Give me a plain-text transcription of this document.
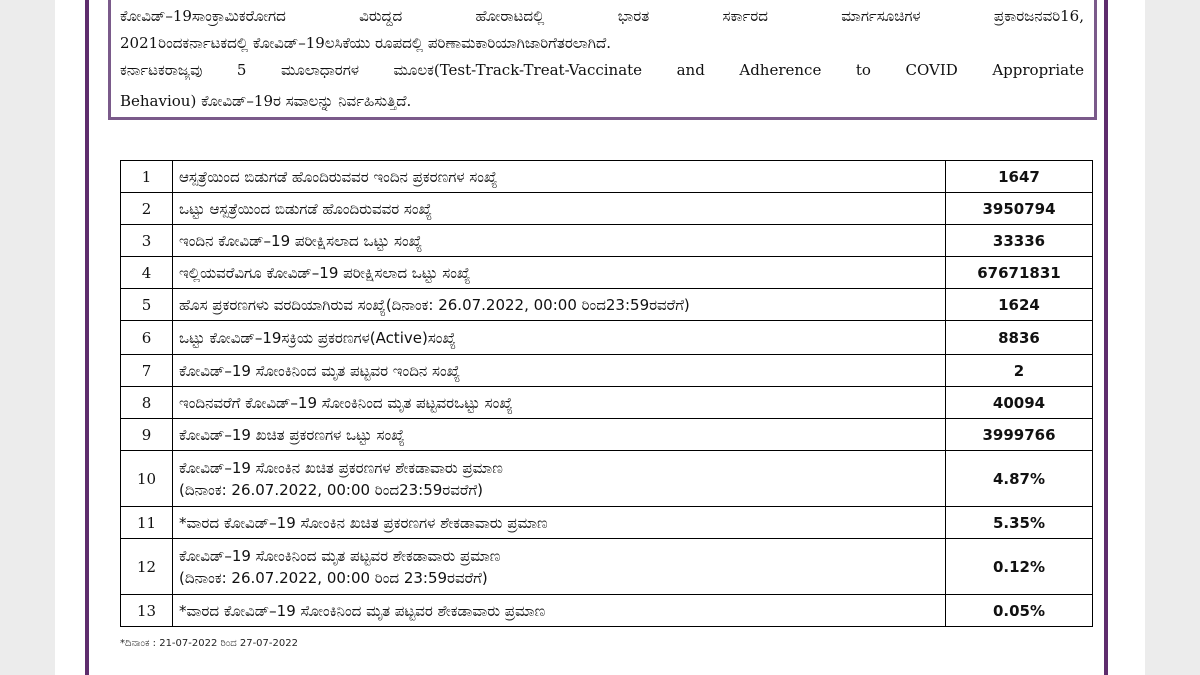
ಕೋವಿಡ್‌–19ಸಾಂಕ್ರಾಮಿಕರೋಗದ ವಿರುದ್ಧದ ಹೋರಾಟದಲ್ಲಿ ಭಾರತ ಸರ್ಕಾರದ ಮಾರ್ಗಸೂಚಿಗಳ ಪ್ರಕಾರಜನವರಿ16,
2021ರಿಂದಕರ್ನಾಟಕದಲ್ಲಿ ಕೋವಿಡ್‌–19ಲಸಿಕೆಯು ರೂಪದಲ್ಲಿ ಪರಿಣಾಮಕಾರಿಯಾಗಿಜಾರಿಗೆತರಲಾಗಿದೆ.
ಕರ್ನಾಟಕರಾಜ್ಯವು 5 ಮೂಲಾಧಾರಗಳ ಮೂಲಕ(Test-Track-Treat-Vaccinate and Adherence to COVID Appropriate
Behaviou) ಕೋವಿಡ್‌–19ರ ಸವಾಲನ್ನು ನಿರ್ವಹಿಸುತ್ತಿದೆ.
1	ಆಸ್ಪತ್ರೆಯಿಂದ ಬಿಡುಗಡೆ ಹೊಂದಿರುವವರ ಇಂದಿನ ಪ್ರಕರಣಗಳ ಸಂಖ್ಯೆ	1647
2	ಒಟ್ಟು ಆಸ್ಪತ್ರೆಯಿಂದ ಬಿಡುಗಡೆ ಹೊಂದಿರುವವರ ಸಂಖ್ಯೆ	3950794
3	ಇಂದಿನ ಕೋವಿಡ್‌–19 ಪರೀಕ್ಷಿಸಲಾದ ಒಟ್ಟು ಸಂಖ್ಯೆ	33336
4	ಇಲ್ಲಿಯವರೆವಿಗೂ ಕೋವಿಡ್‌–19 ಪರೀಕ್ಷಿಸಲಾದ ಒಟ್ಟು ಸಂಖ್ಯೆ	67671831
5	ಹೊಸ ಪ್ರಕರಣಗಳು ವರದಿಯಾಗಿರುವ ಸಂಖ್ಯೆ(ದಿನಾಂಕ: 26.07.2022, 00:00 ರಿಂದ23:59ರವರೆಗೆ)	1624
6	ಒಟ್ಟು ಕೋವಿಡ್‌–19ಸಕ್ರಿಯ ಪ್ರಕರಣಗಳ(Active)ಸಂಖ್ಯೆ	8836
7	ಕೋವಿಡ್‌–19 ಸೋಂಕಿನಿಂದ ಮೃತ ಪಟ್ಟವರ ಇಂದಿನ ಸಂಖ್ಯೆ	2
8	ಇಂದಿನವರೆಗೆ ಕೋವಿಡ್‌–19 ಸೋಂಕಿನಿಂದ ಮೃತ ಪಟ್ಟವರಒಟ್ಟು ಸಂಖ್ಯೆ	40094
9	ಕೋವಿಡ್‌–19 ಖಚಿತ ಪ್ರಕರಣಗಳ ಒಟ್ಟು ಸಂಖ್ಯೆ	3999766
10	ಕೋವಿಡ್‌–19 ಸೋಂಕಿನ ಖಚಿತ ಪ್ರಕರಣಗಳ ಶೇಕಡಾವಾರು ಪ್ರಮಾಣ
(ದಿನಾಂಕ: 26.07.2022, 00:00 ರಿಂದ23:59ರವರೆಗೆ)	4.87%
11	*ವಾರದ ಕೋವಿಡ್‌–19 ಸೋಂಕಿನ ಖಚಿತ ಪ್ರಕರಣಗಳ ಶೇಕಡಾವಾರು ಪ್ರಮಾಣ	5.35%
12	ಕೋವಿಡ್‌–19 ಸೋಂಕಿನಿಂದ ಮೃತ ಪಟ್ಟವರ ಶೇಕಡಾವಾರು ಪ್ರಮಾಣ
(ದಿನಾಂಕ: 26.07.2022, 00:00 ರಿಂದ 23:59ರವರೆಗೆ)	0.12%
13	*ವಾರದ ಕೋವಿಡ್‌–19 ಸೋಂಕಿನಿಂದ ಮೃತ ಪಟ್ಟವರ ಶೇಕಡಾವಾರು ಪ್ರಮಾಣ	0.05%
*ದಿನಾಂಕ : 21-07-2022 ರಿಂದ 27-07-2022
